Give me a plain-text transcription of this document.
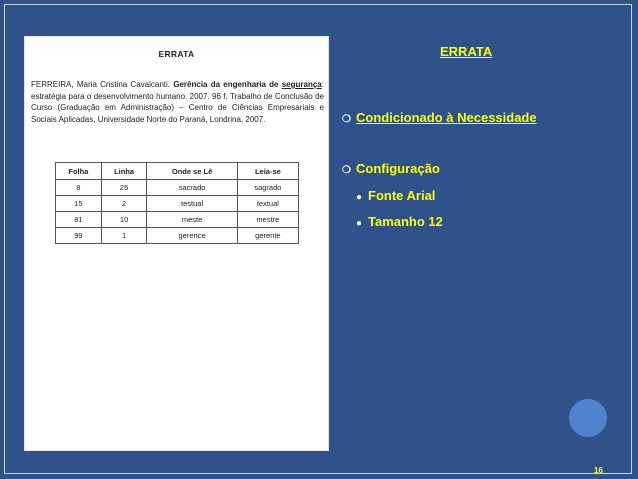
ERRATA
FERREIRA, Maria Cristina Cavalcanti. Gerência da engenharia de segurança: estratégia para o desenvolvimento humano. 2007. 96 f. Trabalho de Conclusão de Curso (Graduação em Administração) – Centro de Ciências Empresariais e Sociais Aplicadas, Universidade Norte do Paraná, Londrina, 2007.
Folha	Linha	Onde se Lê	Leia-se
8	25	sacrado	sagrado
15	2	testual	textual
81	10	meste	mestre
99	1	gerence	gerente
ERRATA
❍ Condicionado à Necessidade
❍ Configuração
● Fonte Arial
● Tamanho 12
16
